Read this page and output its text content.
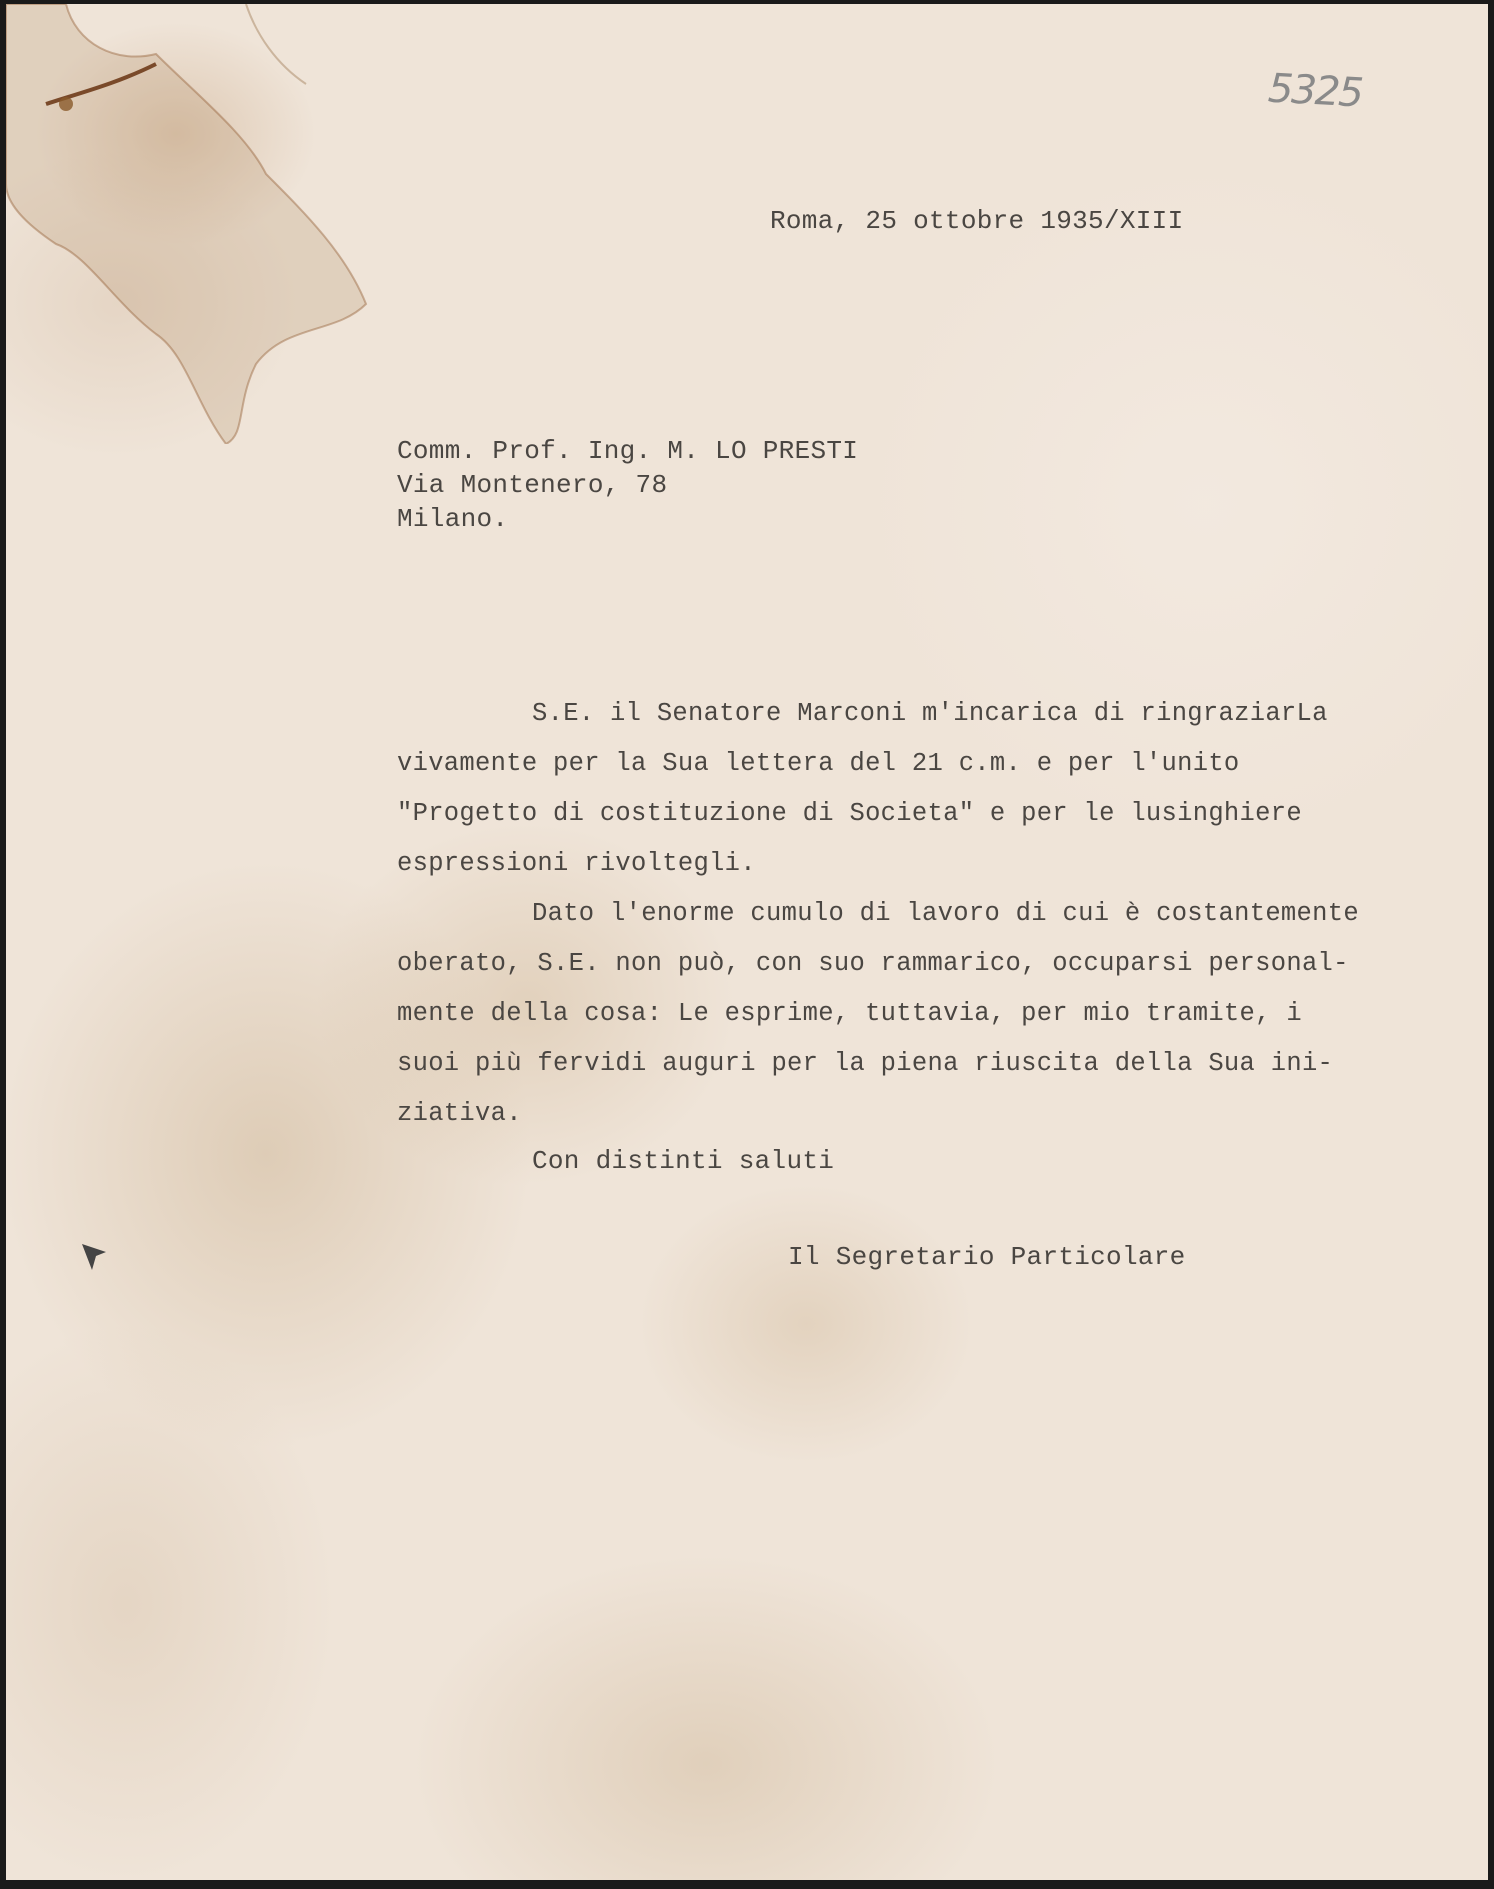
5325
Roma, 25 ottobre 1935/XIII
Comm. Prof. Ing. M. LO PRESTI
Via Montenero, 78
Milano.
S.E. il Senatore Marconi m'incarica di ringraziarLa
vivamente per la Sua lettera del 21 c.m. e per l'unito
"Progetto di costituzione di Societa" e per le lusinghiere
espressioni rivoltegli.
Dato l'enorme cumulo di lavoro di cui è costantemente
oberato, S.E. non può, con suo rammarico, occuparsi personal-
mente della cosa: Le esprime, tuttavia, per mio tramite, i
suoi più fervidi auguri per la piena riuscita della Sua ini-
ziativa.
Con distinti saluti
Il Segretario Particolare
